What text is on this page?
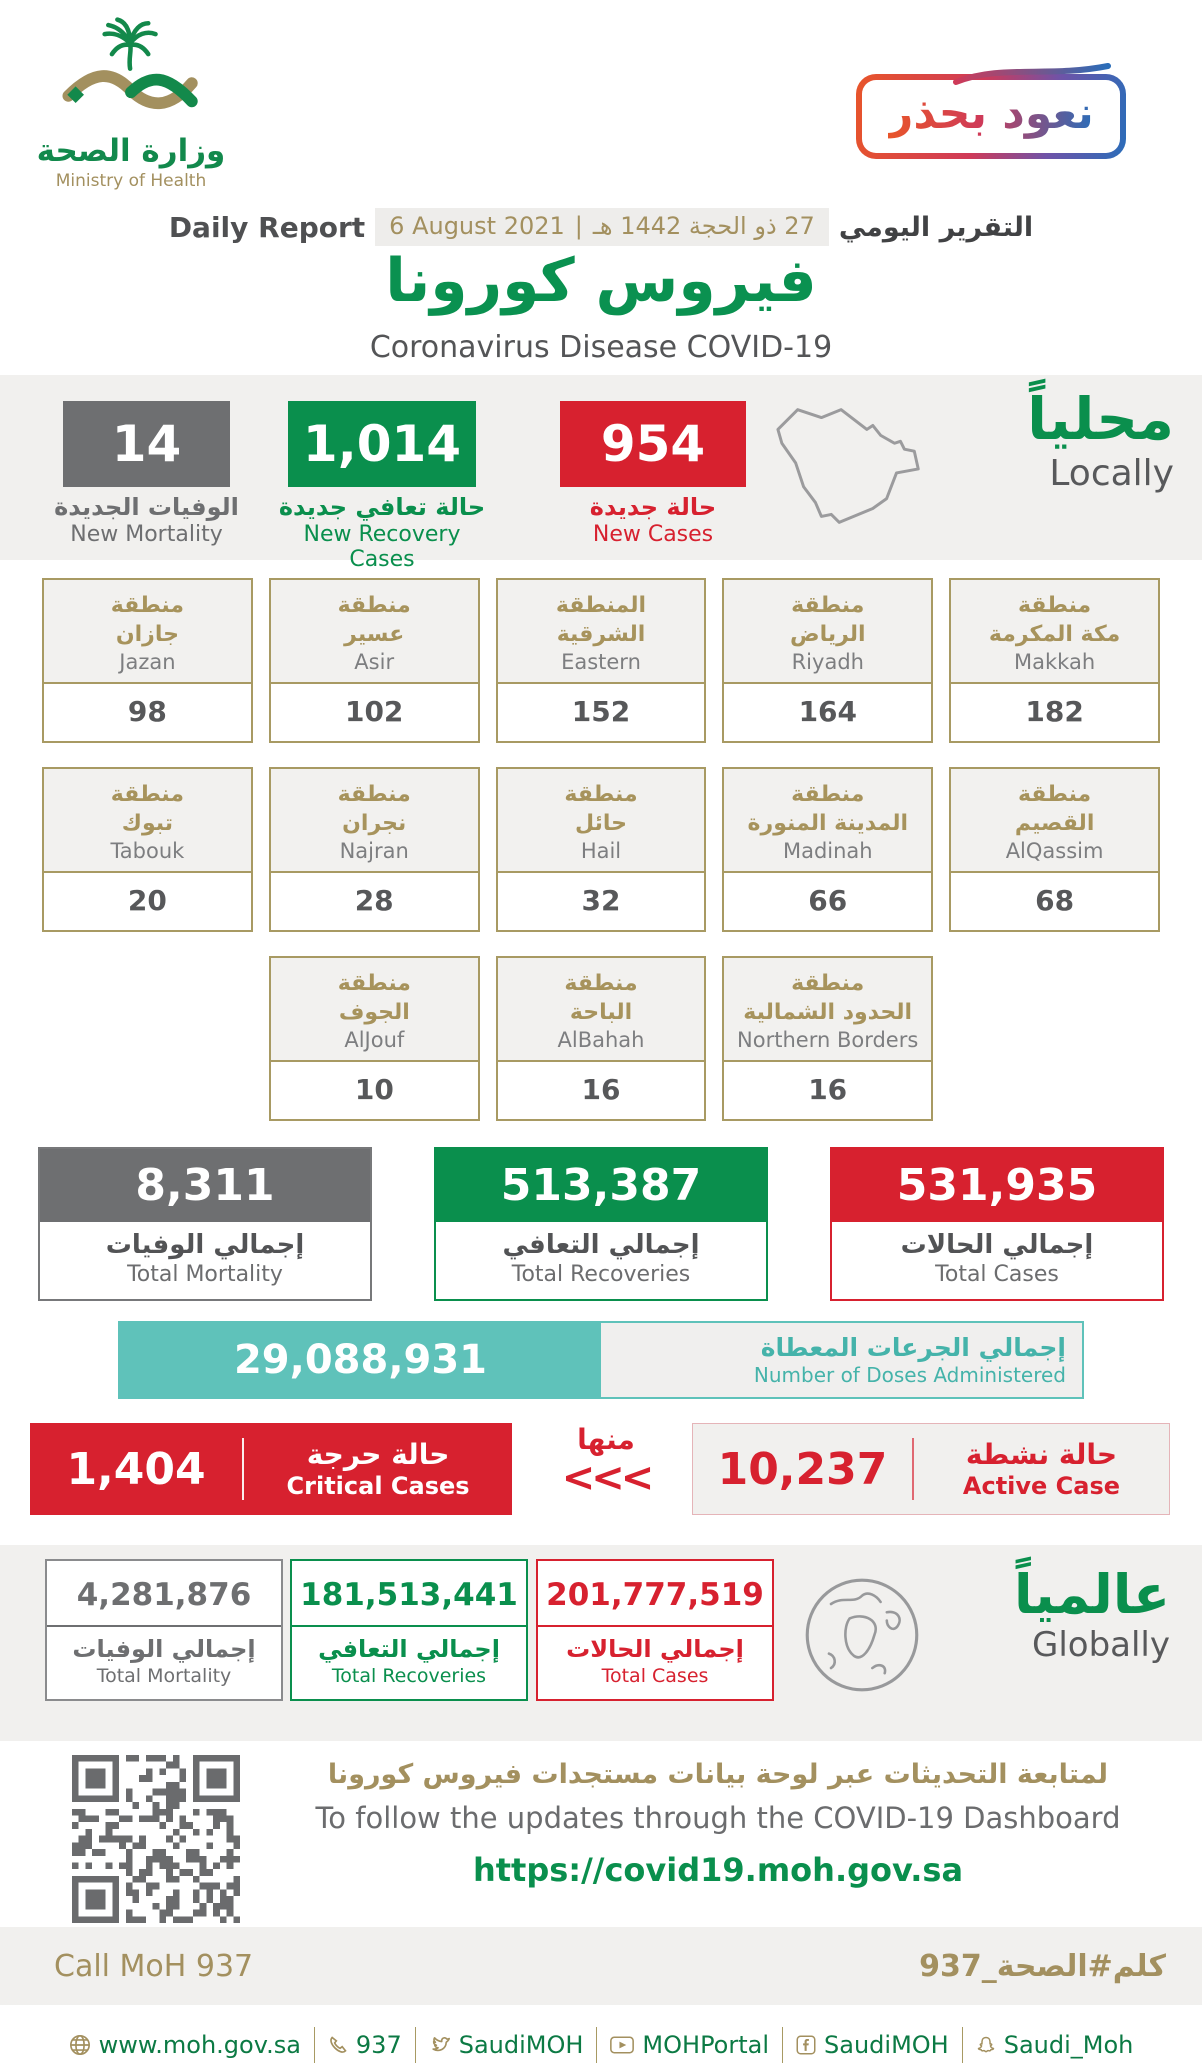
وزارة الصحة
Ministry of Health
نعود بحذر
Daily Report	27 ذو الحجة 1442 هـ
|
6 August 2021	التقرير اليومي
فيروس كورونا
Coronavirus Disease COVID-19
14	1,014	954
الوفيات الجديدة
New Mortality
حالة تعافي جديدة
New Recovery Cases
حالة جديدة
New Cases
محلياً
Locally
منطقة
جازان
Jazan
98
منطقة
عسير
Asir
102
المنطقة
الشرقية
Eastern
152
منطقة
الرياض
Riyadh
164
منطقة
مكة المكرمة
Makkah
182
منطقة
تبوك
Tabouk
20
منطقة
نجران
Najran
28
منطقة
حائل
Hail
32
منطقة
المدينة المنورة
Madinah
66
منطقة
القصيم
AlQassim
68
منطقة
الجوف
AlJouf
10
منطقة
الباحة
AlBahah
16
منطقة
الحدود الشمالية
Northern Borders
16
8,311
إجمالي الوفيات
Total Mortality
513,387
إجمالي التعافي
Total Recoveries
531,935
إجمالي الحالات
Total Cases
29,088,931	إجمالي الجرعات المعطاة
Number of Doses Administered
1,404	حالة حرجة
Critical Cases
منها
<<<	10,237	حالة نشطة
Active Case
4,281,876
إجمالي الوفيات
Total Mortality
181,513,441
إجمالي التعافي
Total Recoveries
201,777,519
إجمالي الحالات
Total Cases
عالمياً
Globally
لمتابعة التحديثات عبر لوحة بيانات مستجدات فيروس كورونا
To follow the updates through the COVID-19 Dashboard
https://covid19.moh.gov.sa
Call MoH 937	كلم#الصحة_937
www.moh.gov.sa 937 SaudiMOH MOHPortal SaudiMOH Saudi_Moh
